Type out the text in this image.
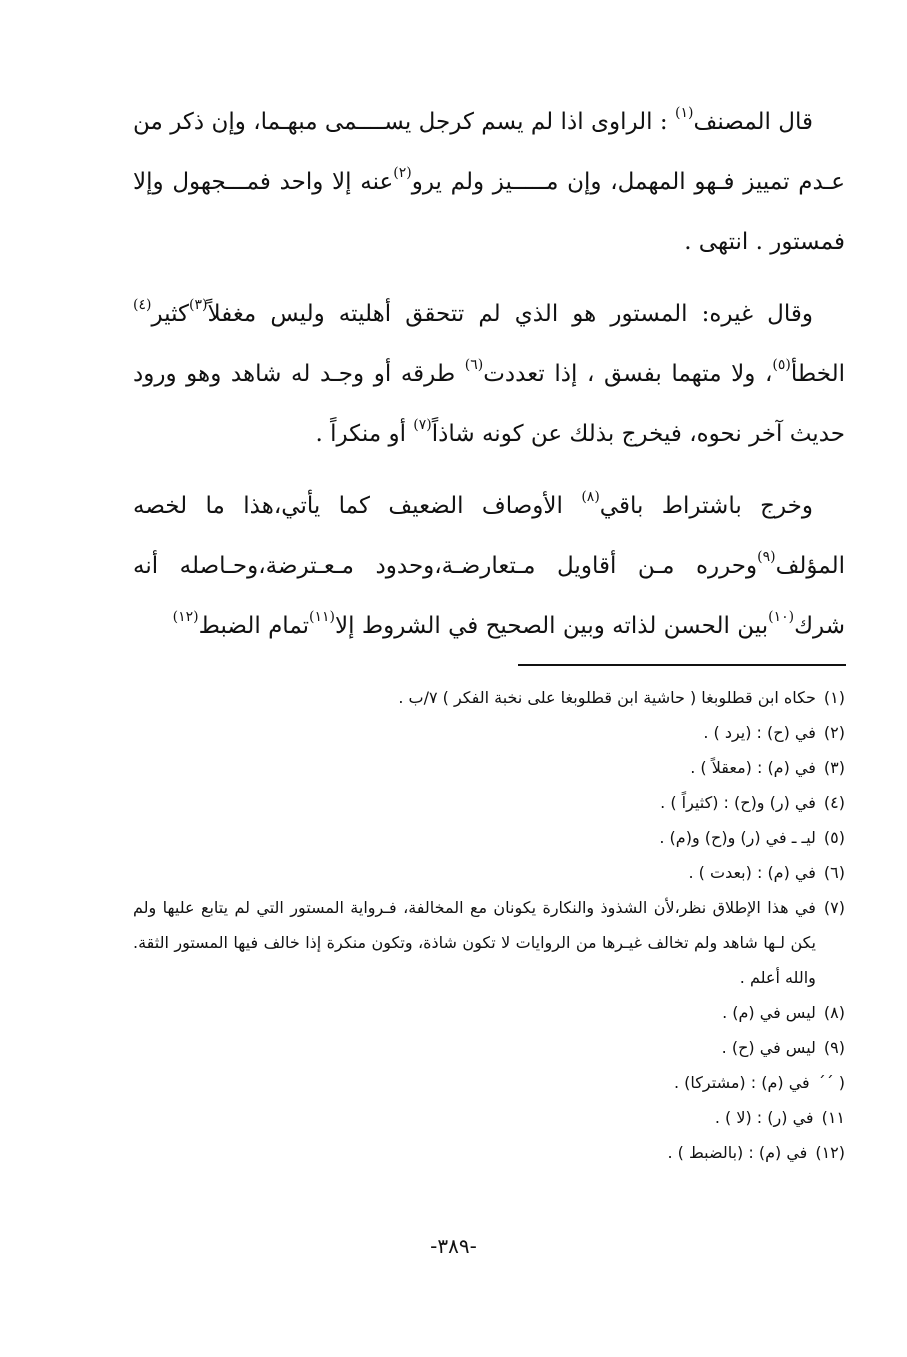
قال المصنف$^{(١)}$ : الراوى اذا لم يسم كرجل يســــمى مبهـما، وإن ذكر من عـدم تمييز فـهو المهمل، وإن مـــــيز ولم يرو$^{(٢)}$عنه إلا واحد فمـــجهول وإلا فمستور . انتهى .

وقال غيره: المستور هو الذي لم تتحقق أهليته وليس مغفلاً$^{(٣)}$كثير$^{(٤)}$ الخطأ$^{(٥)}$، ولا متهما بفسق ، إذا تعددت$^{(٦)}$ طرقه أو وجـد له شاهد وهو ورود حديث آخر نحوه، فيخرج بذلك عن كونه شاذاً$^{(٧)}$ أو منكراً .

وخرج باشتراط باقي$^{(٨)}$ الأوصاف الضعيف كما يأتي،هذا ما لخصه المؤلف$^{(٩)}$وحرره مـن أقاويل مـتعارضـة،وحدود مـعـترضة،وحـاصله أنه شرك$^{(١٠)}$بين الحسن لذاته وبين الصحيح في الشروط إلا$^{(١١)}$تمام الضبط$^{(١٢)}$

(١)
حكاه ابن قطلوبغا ( حاشية ابن قطلوبغا على نخبة الفكر ) ٧/ب .
(٢)
في (ح) : (يرد ) .
(٣)
في (م) : (معقلاً ) .
(٤)
في (ر) و(ح) : (كثيراً ) .
(٥)
ليـ ـ في (ر) و(ح) و(م) .
(٦)
في (م) : (بعدت ) .
(٧)
في هذا الإطلاق نظر،لأن الشذوذ والنكارة يكونان مع المخالفة، فـرواية المستور التي لم يتابع عليها ولم يكن لـها شاهد ولم تخالف غيـرها من الروايات لا تكون شاذة، وتكون منكرة إذا خالف فيها المستور الثقة. والله أعلم .
(٨)
ليس في (م) .
(٩)
ليس في (ح) .
( ´´
في (م) : (مشتركا) .
١١)
في (ر) : (لا ) .
(١٢)
في (م) : (بالضبط ) .
-٣٨٩-
